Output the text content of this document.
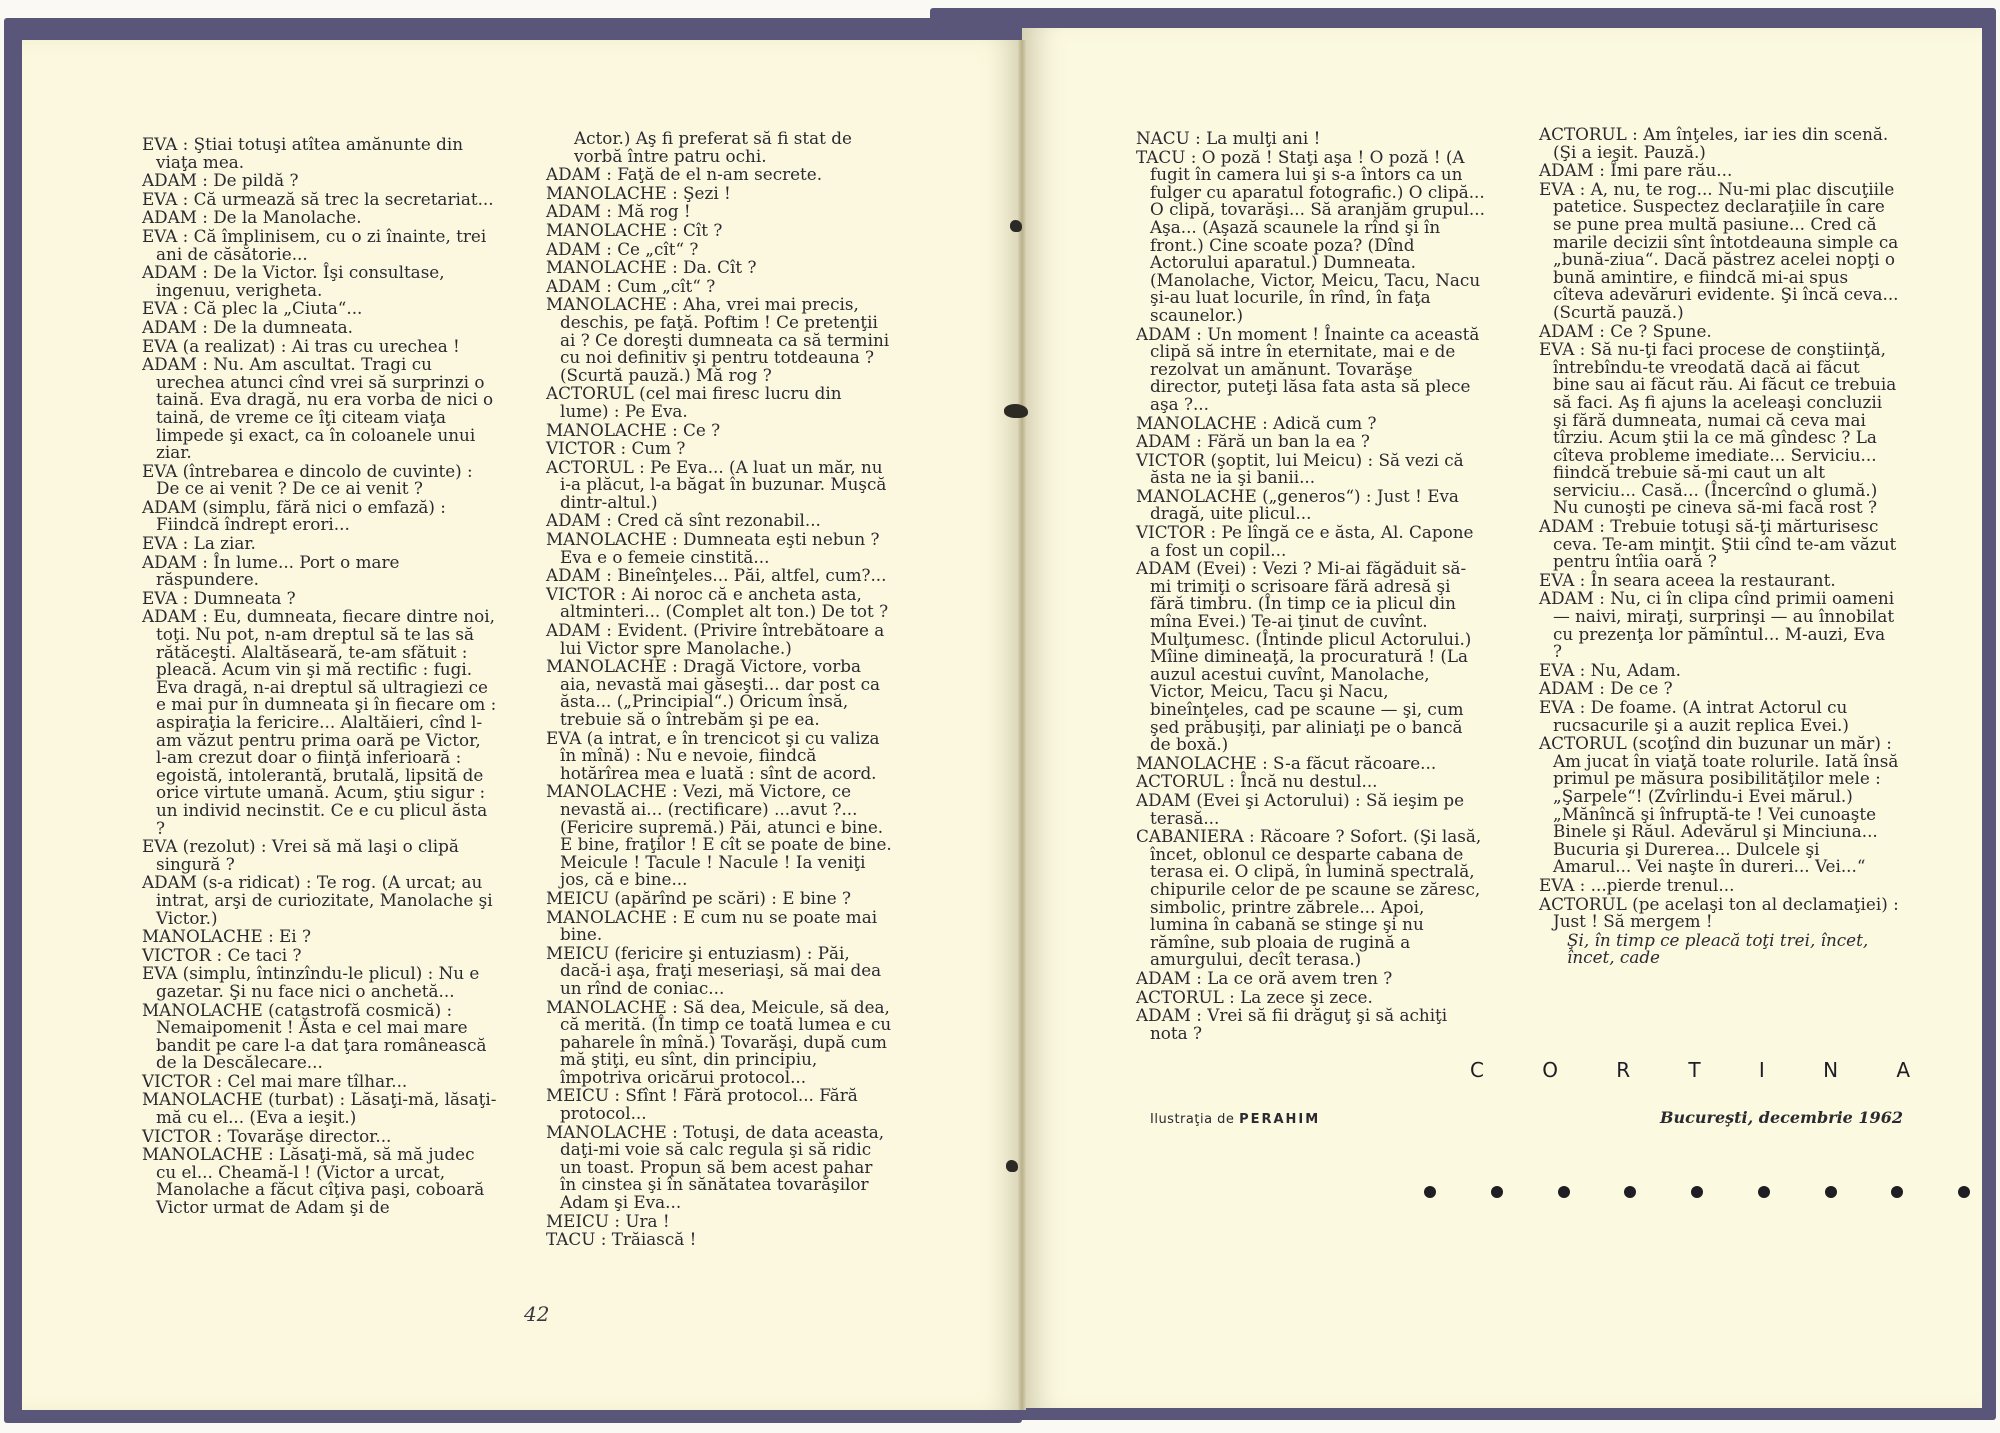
EVA : Ştiai totuşi atîtea amănunte din viaţa mea.

ADAM : De pildă ?

EVA : Că urmează să trec la secretariat...

ADAM : De la Manolache.

EVA : Că împlinisem, cu o zi înainte, trei ani de căsătorie...

ADAM : De la Victor. Îşi consultase, ingenuu, verigheta.

EVA : Că plec la „Ciuta“...

ADAM : De la dumneata.

EVA (a realizat) : Ai tras cu urechea !

ADAM : Nu. Am ascultat. Tragi cu urechea atunci cînd vrei să surprinzi o taină. Eva dragă, nu era vorba de nici o taină, de vreme ce îţi citeam viaţa limpede şi exact, ca în coloanele unui ziar.

EVA (întrebarea e dincolo de cuvinte) : De ce ai venit ? De ce ai venit ?

ADAM (simplu, fără nici o emfază) : Fiindcă îndrept erori...

EVA : La ziar.

ADAM : În lume... Port o mare răspundere.

EVA : Dumneata ?

ADAM : Eu, dumneata, fiecare dintre noi, toţi. Nu pot, n-am dreptul să te las să rătăceşti. Alaltăseară, te-am sfătuit : pleacă. Acum vin şi mă rectific : fugi. Eva dragă, n-ai dreptul să ultragiezi ce e mai pur în dumneata şi în fiecare om : aspiraţia la fericire... Alaltăieri, cînd l-am văzut pentru prima oară pe Victor, l-am crezut doar o fiinţă inferioară : egoistă, intolerantă, brutală, lipsită de orice virtute umană. Acum, ştiu sigur : un individ necinstit. Ce e cu plicul ăsta ?

EVA (rezolut) : Vrei să mă laşi o clipă singură ?

ADAM (s-a ridicat) : Te rog. (A urcat; au intrat, arşi de curiozitate, Manolache şi Victor.)

MANOLACHE : Ei ?

VICTOR : Ce taci ?

EVA (simplu, întinzîndu-le plicul) : Nu e gazetar. Şi nu face nici o anchetă...

MANOLACHE (catastrofă cosmică) : Nemaipomenit ! Ăsta e cel mai mare bandit pe care l-a dat ţara românească de la Descălecare...

VICTOR : Cel mai mare tîlhar...

MANOLACHE (turbat) : Lăsaţi-mă, lăsaţi-mă cu el... (Eva a ieşit.)

VICTOR : Tovarăşe director...

MANOLACHE : Lăsaţi-mă, să mă judec cu el... Cheamă-l ! (Victor a urcat, Manolache a făcut cîţiva paşi, coboară Victor urmat de Adam şi de

Actor.) Aş fi preferat să fi stat de vorbă între patru ochi.

ADAM : Faţă de el n-am secrete.

MANOLACHE : Şezi !

ADAM : Mă rog !

MANOLACHE : Cît ?

ADAM : Ce „cît“ ?

MANOLACHE : Da. Cît ?

ADAM : Cum „cît“ ?

MANOLACHE : Aha, vrei mai precis, deschis, pe faţă. Poftim ! Ce pretenţii ai ? Ce doreşti dumneata ca să termini cu noi definitiv şi pentru totdeauna ? (Scurtă pauză.) Mă rog ?

ACTORUL (cel mai firesc lucru din lume) : Pe Eva.

MANOLACHE : Ce ?

VICTOR : Cum ?

ACTORUL : Pe Eva... (A luat un măr, nu i-a plăcut, l-a băgat în buzunar. Muşcă dintr-altul.)

ADAM : Cred că sînt rezonabil...

MANOLACHE : Dumneata eşti nebun ? Eva e o femeie cinstită...

ADAM : Bineînţeles... Păi, altfel, cum?...

VICTOR : Ai noroc că e ancheta asta, altminteri... (Complet alt ton.) De tot ?

ADAM : Evident. (Privire întrebătoare a lui Victor spre Manolache.)

MANOLACHE : Dragă Victore, vorba aia, nevastă mai găseşti... dar post ca ăsta... („Principial“.) Oricum însă, trebuie să o întrebăm şi pe ea.

EVA (a intrat, e în trencicot şi cu valiza în mînă) : Nu e nevoie, fiindcă hotărîrea mea e luată : sînt de acord.

MANOLACHE : Vezi, mă Victore, ce nevastă ai... (rectificare) ...avut ?... (Fericire supremă.) Păi, atunci e bine. E bine, fraţilor ! E cît se poate de bine. Meicule ! Tacule ! Nacule ! Ia veniţi jos, că e bine...

MEICU (apărînd pe scări) : E bine ?

MANOLACHE : E cum nu se poate mai bine.

MEICU (fericire şi entuziasm) : Păi, dacă-i aşa, fraţi meseriaşi, să mai dea un rînd de coniac...

MANOLACHE : Să dea, Meicule, să dea, că merită. (În timp ce toată lumea e cu paharele în mînă.) Tovarăşi, după cum mă ştiţi, eu sînt, din principiu, împotriva oricărui protocol...

MEICU : Sfînt ! Fără protocol... Fără protocol...

MANOLACHE : Totuşi, de data aceasta, daţi-mi voie să calc regula şi să ridic un toast. Propun să bem acest pahar în cinstea şi în sănătatea tovarăşilor Adam şi Eva...

MEICU : Ura !

TACU : Trăiască !

NACU : La mulţi ani !

TACU : O poză ! Staţi aşa ! O poză ! (A fugit în camera lui şi s-a întors ca un fulger cu aparatul fotografic.) O clipă... O clipă, tovarăşi... Să aranjăm grupul... Aşa... (Aşază scaunele la rînd şi în front.) Cine scoate poza? (Dînd Actorului aparatul.) Dumneata. (Manolache, Victor, Meicu, Tacu, Nacu şi-au luat locurile, în rînd, în faţa scaunelor.)

ADAM : Un moment ! Înainte ca această clipă să intre în eternitate, mai e de rezolvat un amănunt. Tovarăşe director, puteţi lăsa fata asta să plece aşa ?...

MANOLACHE : Adică cum ?

ADAM : Fără un ban la ea ?

VICTOR (şoptit, lui Meicu) : Să vezi că ăsta ne ia şi banii...

MANOLACHE („generos“) : Just ! Eva dragă, uite plicul...

VICTOR : Pe lîngă ce e ăsta, Al. Capone a fost un copil...

ADAM (Evei) : Vezi ? Mi-ai făgăduit să-mi trimiţi o scrisoare fără adresă şi fără timbru. (În timp ce ia plicul din mîna Evei.) Te-ai ţinut de cuvînt. Mulţumesc. (Întinde plicul Actorului.) Mîine dimineaţă, la procuratură ! (La auzul acestui cuvînt, Manolache, Victor, Meicu, Tacu şi Nacu, bineînţeles, cad pe scaune — şi, cum şed prăbuşiţi, par aliniaţi pe o bancă de boxă.)

MANOLACHE : S-a făcut răcoare...

ACTORUL : Încă nu destul...

ADAM (Evei şi Actorului) : Să ieşim pe terasă...

CABANIERA : Răcoare ? Sofort. (Şi lasă, încet, oblonul ce desparte cabana de terasa ei. O clipă, în lumină spectrală, chipurile celor de pe scaune se zăresc, simbolic, printre zăbrele... Apoi, lumina în cabană se stinge şi nu rămîne, sub ploaia de rugină a amurgului, decît terasa.)

ADAM : La ce oră avem tren ?

ACTORUL : La zece şi zece.

ADAM : Vrei să fii drăguţ şi să achiţi nota ?

ACTORUL : Am înţeles, iar ies din scenă. (Şi a ieşit. Pauză.)

ADAM : Îmi pare rău...

EVA : A, nu, te rog... Nu-mi plac discuţiile patetice. Suspectez declaraţiile în care se pune prea multă pasiune... Cred că marile decizii sînt întotdeauna simple ca „bună-ziua“. Dacă păstrez acelei nopţi o bună amintire, e fiindcă mi-ai spus cîteva adevăruri evidente. Şi încă ceva... (Scurtă pauză.)

ADAM : Ce ? Spune.

EVA : Să nu-ţi faci procese de conştiinţă, întrebîndu-te vreodată dacă ai făcut bine sau ai făcut rău. Ai făcut ce trebuia să faci. Aş fi ajuns la aceleaşi concluzii şi fără dumneata, numai că ceva mai tîrziu. Acum ştii la ce mă gîndesc ? La cîteva probleme imediate... Serviciu... fiindcă trebuie să-mi caut un alt serviciu... Casă... (Încercînd o glumă.) Nu cunoşti pe cineva să-mi facă rost ?

ADAM : Trebuie totuşi să-ţi mărturisesc ceva. Te-am minţit. Ştii cînd te-am văzut pentru întîia oară ?

EVA : În seara aceea la restaurant.

ADAM : Nu, ci în clipa cînd primii oameni — naivi, miraţi, surprinşi — au înnobilat cu prezenţa lor pămîntul... M-auzi, Eva ?

EVA : Nu, Adam.

ADAM : De ce ?

EVA : De foame. (A intrat Actorul cu rucsacurile şi a auzit replica Evei.)

ACTORUL (scoţînd din buzunar un măr) : Am jucat în viaţă toate rolurile. Iată însă primul pe măsura posibilităţilor mele : „Şarpele“! (Zvîrlindu-i Evei mărul.) „Mănîncă şi înfruptă-te ! Vei cunoaşte Binele şi Răul. Adevărul şi Minciuna... Bucuria şi Durerea... Dulcele şi Amarul... Vei naşte în dureri... Vei...“

EVA : ...pierde trenul...

ACTORUL (pe acelaşi ton al declamaţiei) : Just ! Să mergem !

Şi, în timp ce pleacă toţi trei, încet, încet, cade

42
C	O	R	T	I	N	A
Ilustraţia de PERAHIM	Bucureşti, decembrie 1962
